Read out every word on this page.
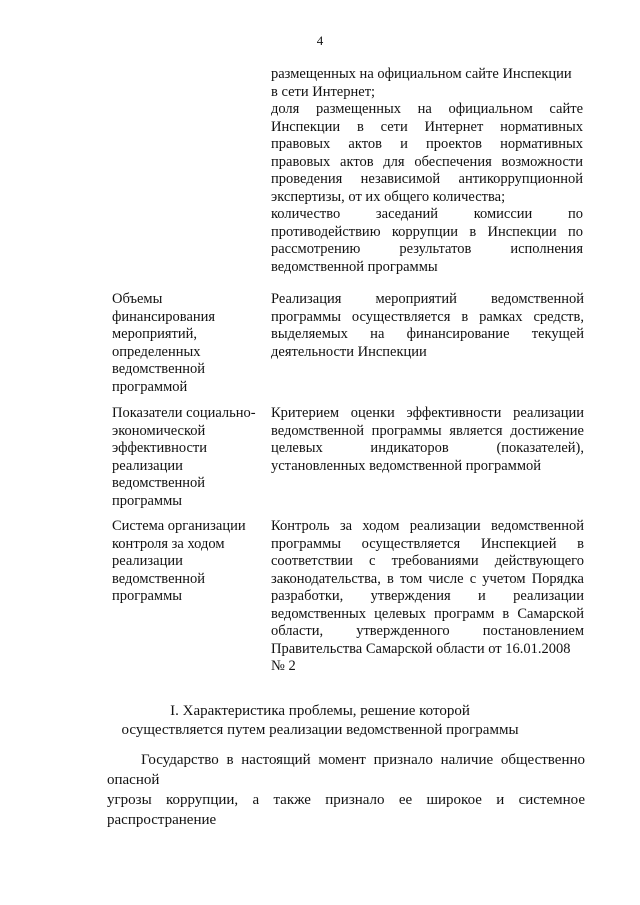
4
размещенных на официальном сайте Инспекции
в сети Интернет;
доля размещенных на официальном сайте
Инспекции в сети Интернет нормативных
правовых актов и проектов нормативных
правовых актов для обеспечения возможности
проведения независимой антикоррупционной
экспертизы, от их общего количества;
количество заседаний комиссии по
противодействию коррупции в Инспекции по
рассмотрению результатов исполнения
ведомственной программы
Объемы
финансирования
мероприятий,
определенных
ведомственной
программой
Реализация мероприятий ведомственной
программы осуществляется в рамках средств,
выделяемых на финансирование текущей
деятельности Инспекции
Показатели социально-
экономической
эффективности
реализации
ведомственной
программы
Критерием оценки эффективности реализации
ведомственной программы является достижение
целевых индикаторов (показателей),
установленных ведомственной программой
Система организации
контроля за ходом
реализации
ведомственной
программы
Контроль за ходом реализации ведомственной
программы осуществляется Инспекцией в
соответствии с требованиями действующего
законодательства, в том числе с учетом Порядка
разработки, утверждения и реализации
ведомственных целевых программ в Самарской
области, утвержденного постановлением
Правительства Самарской области от 16.01.2008
№ 2
I. Характеристика проблемы, решение которой
осуществляется путем реализации ведомственной программы
Государство в настоящий момент признало наличие общественно опасной
угрозы коррупции, а также признало ее широкое и системное распространение
